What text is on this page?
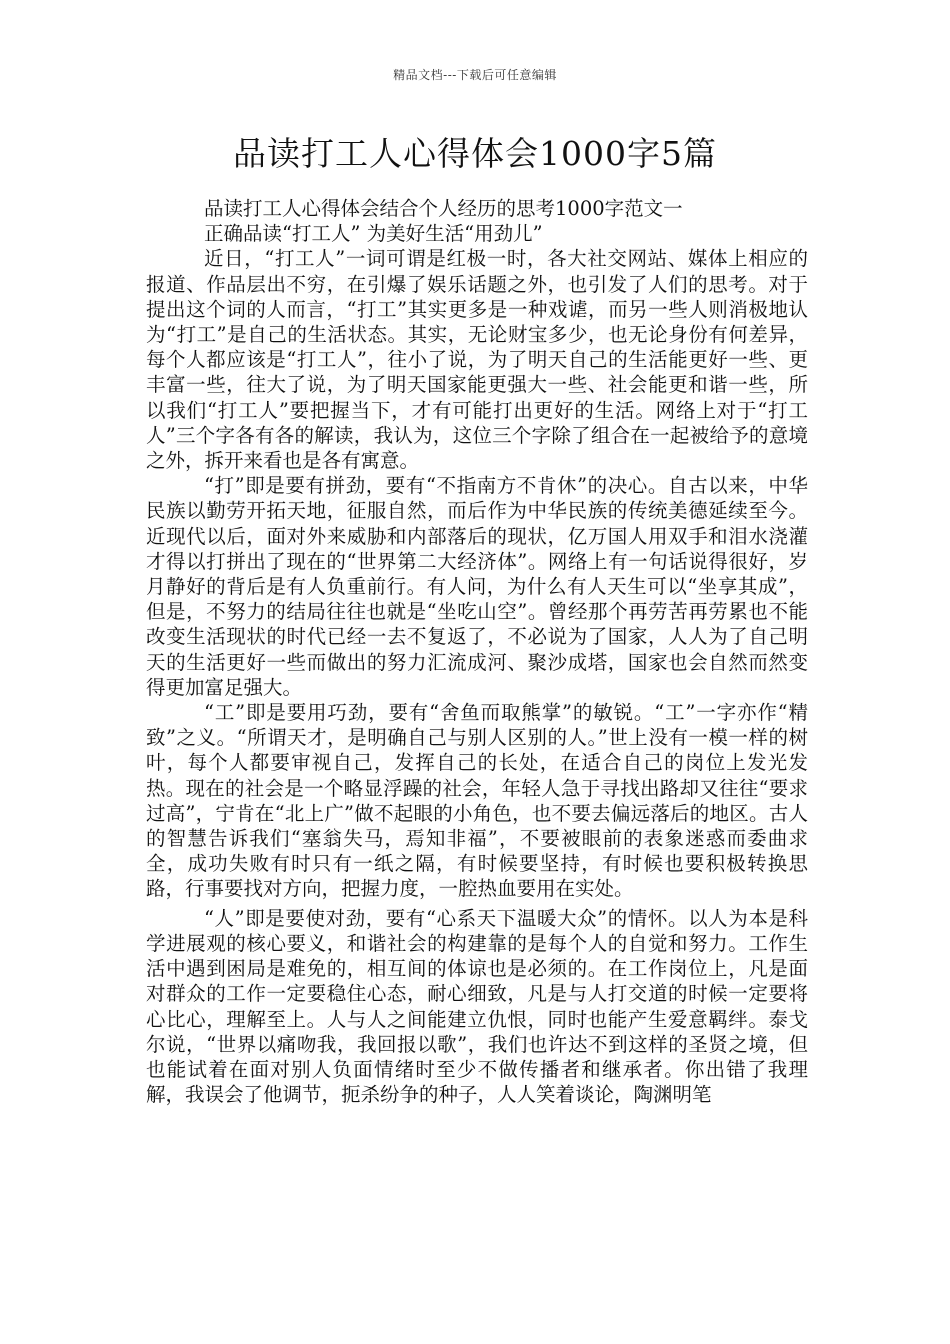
精品文档---下载后可任意编辑
品读打工人心得体会1000字5篇

品读打工人心得体会结合个人经历的思考1000字范文一

正确品读“打工人” 为美好生活“用劲儿”

近日，“打工人”一词可谓是红极一时，各大社交网站、媒体上相应的报道、作品层出不穷，在引爆了娱乐话题之外，也引发了人们的思考。对于提出这个词的人而言，“打工”其实更多是一种戏谑，而另一些人则消极地认为“打工”是自己的生活状态。其实，无论财宝多少，也无论身份有何差异，每个人都应该是“打工人”，往小了说，为了明天自己的生活能更好一些、更丰富一些，往大了说，为了明天国家能更强大一些、社会能更和谐一些，所以我们“打工人”要把握当下，才有可能打出更好的生活。网络上对于“打工人”三个字各有各的解读，我认为，这位三个字除了组合在一起被给予的意境之外，拆开来看也是各有寓意。

“打”即是要有拼劲，要有“不指南方不肯休”的决心。自古以来，中华民族以勤劳开拓天地，征服自然，而后作为中华民族的传统美德延续至今。近现代以后，面对外来威胁和内部落后的现状，亿万国人用双手和泪水浇灌才得以打拼出了现在的“世界第二大经济体”。网络上有一句话说得很好，岁月静好的背后是有人负重前行。有人问，为什么有人天生可以“坐享其成”，但是，不努力的结局往往也就是“坐吃山空”。曾经那个再劳苦再劳累也不能改变生活现状的时代已经一去不复返了，不必说为了国家，人人为了自己明天的生活更好一些而做出的努力汇流成河、聚沙成塔，国家也会自然而然变得更加富足强大。

“工”即是要用巧劲，要有“舍鱼而取熊掌”的敏锐。“工”一字亦作“精致”之义。“所谓天才，是明确自己与别人区别的人。”世上没有一模一样的树叶，每个人都要审视自己，发挥自己的长处，在适合自己的岗位上发光发热。现在的社会是一个略显浮躁的社会，年轻人急于寻找出路却又往往“要求过高”，宁肯在“北上广”做不起眼的小角色，也不要去偏远落后的地区。古人的智慧告诉我们“塞翁失马，焉知非福”，不要被眼前的表象迷惑而委曲求全，成功失败有时只有一纸之隔，有时候要坚持，有时候也要积极转换思路，行事要找对方向，把握力度，一腔热血要用在实处。

“人”即是要使对劲，要有“心系天下温暖大众”的情怀。以人为本是科学进展观的核心要义，和谐社会的构建靠的是每个人的自觉和努力。工作生活中遇到困局是难免的，相互间的体谅也是必须的。在工作岗位上，凡是面对群众的工作一定要稳住心态，耐心细致，凡是与人打交道的时候一定要将心比心，理解至上。人与人之间能建立仇恨，同时也能产生爱意羁绊。泰戈尔说，“世界以痛吻我，我回报以歌”，我们也许达不到这样的圣贤之境，但也能试着在面对别人负面情绪时至少不做传播者和继承者。你出错了我理解，我误会了他调节，扼杀纷争的种子，人人笑着谈论，陶渊明笔
